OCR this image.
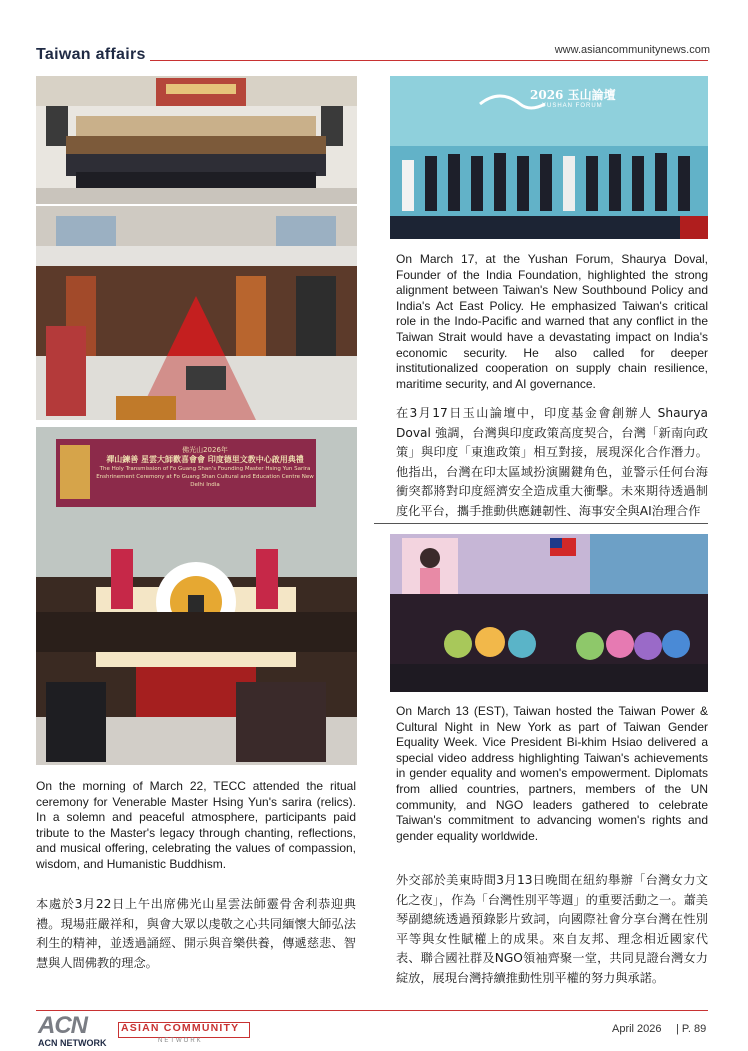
Taiwan affairs	www.asiancommunitynews.com
佛光山2026年
禪山鍊善 星雲大師歡喜會會 印度德里文教中心啟用典禮
The Holy Transmission of Fo Guang Shan's Founding Master Hsing Yun Sarira
Enshrinement Ceremony at Fo Guang Shan Cultural and Education Centre New Delhi India
On the morning of March 22, TECC attended the ritual ceremony for Venerable Master Hsing Yun's sarira (relics). In a solemn and peaceful atmosphere, participants paid tribute to the Master's legacy through chanting, reflections, and musical offering, celebrating the values of compassion, wisdom, and Humanistic Buddhism.
本處於3月22日上午出席佛光山星雲法師靈骨舍利恭迎典禮。現場莊嚴祥和，與會大眾以虔敬之心共同緬懷大師弘法利生的精神，並透過誦經、開示與音樂供養，傳遞慈悲、智慧與人間佛教的理念。
2026 玉山論壇
YUSHAN FORUM
On March 17, at the Yushan Forum, Shaurya Doval, Founder of the India Foundation, highlighted the strong alignment between Taiwan's New Southbound Policy and India's Act East Policy. He emphasized Taiwan's critical role in the Indo-Pacific and warned that any conflict in the Taiwan Strait would have a devastating impact on India's economic security. He also called for deeper institutionalized cooperation on supply chain resilience, maritime security, and AI governance.
在3月17日玉山論壇中，印度基金會創辦人 Shaurya Doval 強調，台灣與印度政策高度契合，台灣「新南向政策」與印度「東進政策」相互對接，展現深化合作潛力。他指出，台灣在印太區域扮演關鍵角色，並警示任何台海衝突都將對印度經濟安全造成重大衝擊。未來期待透過制度化平台，攜手推動供應鏈韌性、海事安全與AI治理合作
On March 13 (EST), Taiwan hosted the Taiwan Power & Cultural Night in New York as part of Taiwan Gender Equality Week. Vice President Bi-khim Hsiao delivered a special video address highlighting Taiwan's achievements in gender equality and women's empowerment. Diplomats from allied countries, partners, members of the UN community, and NGO leaders gathered to celebrate Taiwan's commitment to advancing women's rights and gender equality worldwide.
外交部於美東時間3月13日晚間在紐約舉辦「台灣女力文化之夜」，作為「台灣性別平等週」的重要活動之一。蕭美琴副總統透過預錄影片致詞，向國際社會分享台灣在性別平等與女性賦權上的成果。來自友邦、理念相近國家代表、聯合國社群及NGO領袖齊聚一堂，共同見證台灣女力綻放，展現台灣持續推動性別平權的努力與承諾。
ACN
ACN NETWORK
ASIAN COMMUNITY
NETWORK
April 2026 | P. 89
